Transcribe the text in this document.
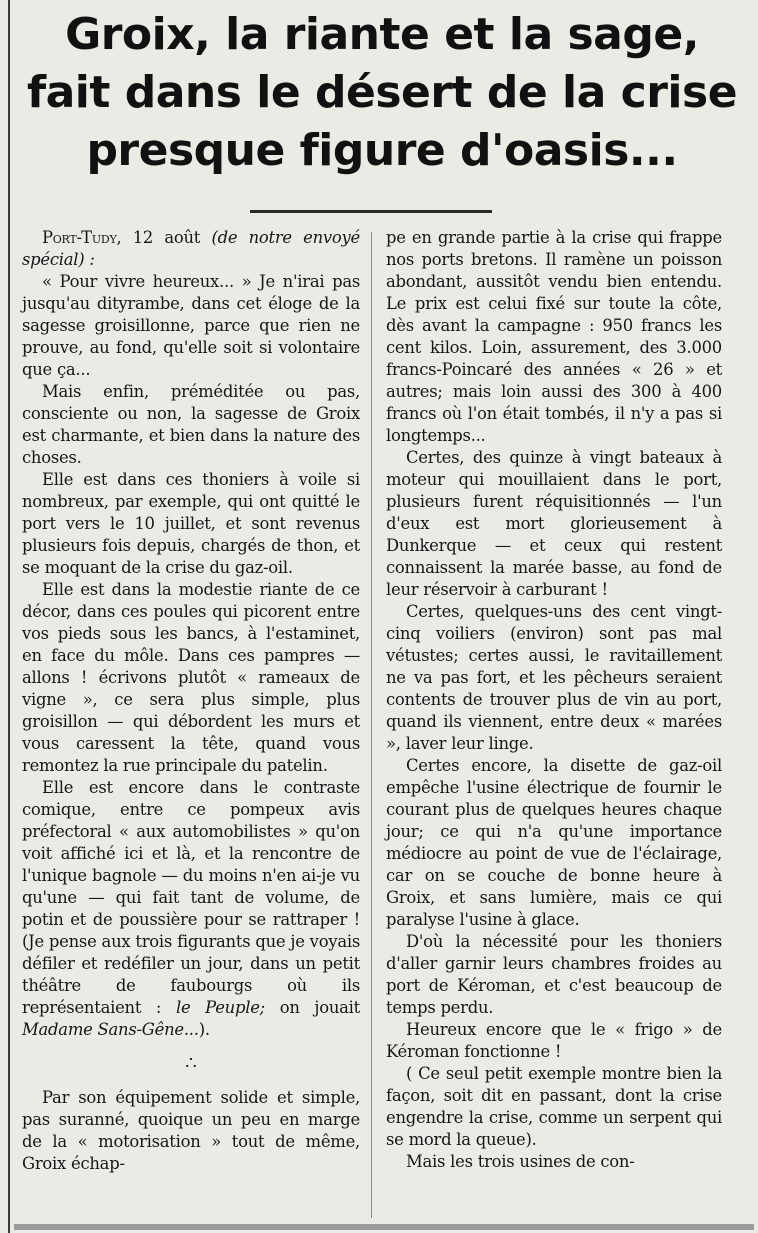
Groix, la riante et la sage,
fait dans le désert de la crise
presque figure d'oasis...

Port-Tudy, 12 août (de notre envoyé spécial) :

« Pour vivre heureux... » Je n'irai pas jusqu'au dityrambe, dans cet éloge de la sagesse groisillonne, parce que rien ne prouve, au fond, qu'elle soit si volontaire que ça...

Mais enfin, préméditée ou pas, consciente ou non, la sagesse de Groix est charmante, et bien dans la nature des choses.

Elle est dans ces thoniers à voile si nombreux, par exemple, qui ont quitté le port vers le 10 juillet, et sont revenus plusieurs fois depuis, chargés de thon, et se moquant de la crise du gaz-oil.

Elle est dans la modestie riante de ce décor, dans ces poules qui picorent entre vos pieds sous les bancs, à l'estaminet, en face du môle. Dans ces pampres — allons ! écrivons plutôt « rameaux de vigne », ce sera plus simple, plus groisillon — qui débordent les murs et vous caressent la tête, quand vous remontez la rue principale du patelin.

Elle est encore dans le contraste comique, entre ce pompeux avis préfectoral « aux automobilistes » qu'on voit affiché ici et là, et la rencontre de l'unique bagnole — du moins n'en ai-je vu qu'une — qui fait tant de volume, de potin et de poussière pour se rattraper ! (Je pense aux trois figurants que je voyais défiler et redéfiler un jour, dans un petit théâtre de faubourgs où ils représentaient : le Peuple; on jouait Madame Sans-Gêne...).

∴

Par son équipement solide et simple, pas suranné, quoique un peu en marge de la « motorisation » tout de même, Groix échap-

pe en grande partie à la crise qui frappe nos ports bretons. Il ramène un poisson abondant, aussitôt vendu bien entendu. Le prix est celui fixé sur toute la côte, dès avant la campagne : 950 francs les cent kilos. Loin, assurement, des 3.000 francs-Poincaré des années « 26 » et autres; mais loin aussi des 300 à 400 francs où l'on était tombés, il n'y a pas si longtemps...

Certes, des quinze à vingt bateaux à moteur qui mouillaient dans le port, plusieurs furent réquisitionnés — l'un d'eux est mort glorieusement à Dunkerque — et ceux qui restent connaissent la marée basse, au fond de leur réservoir à carburant !

Certes, quelques-uns des cent vingt-cinq voiliers (environ) sont pas mal vétustes; certes aussi, le ravitaillement ne va pas fort, et les pêcheurs seraient contents de trouver plus de vin au port, quand ils viennent, entre deux « marées », laver leur linge.

Certes encore, la disette de gaz-oil empêche l'usine électrique de fournir le courant plus de quelques heures chaque jour; ce qui n'a qu'une importance médiocre au point de vue de l'éclairage, car on se couche de bonne heure à Groix, et sans lumière, mais ce qui paralyse l'usine à glace.

D'où la nécessité pour les thoniers d'aller garnir leurs chambres froides au port de Kéroman, et c'est beaucoup de temps perdu.

Heureux encore que le « frigo » de Kéroman fonctionne !

( Ce seul petit exemple montre bien la façon, soit dit en passant, dont la crise engendre la crise, comme un serpent qui se mord la queue).

Mais les trois usines de con-
